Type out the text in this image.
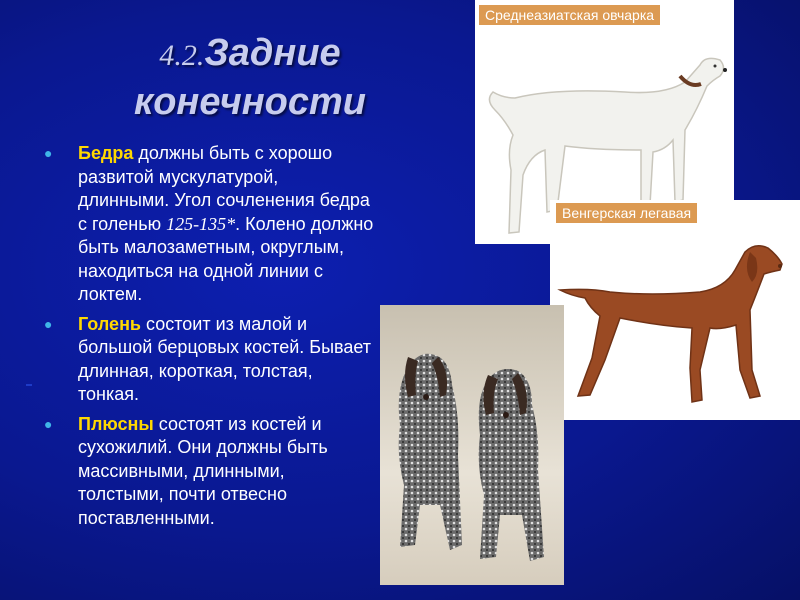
4.2.Задние конечности
● Бедра должны быть с хорошо развитой мускулатурой, длинными. Угол сочленения бедра с голенью 125-135*. Колено должно быть малозаметным, округлым, находиться на одной линии с локтем.
● Голень состоит из малой и большой берцовых костей. Бывает длинная, короткая, толстая, тонкая.
● Плюсны состоят из костей и сухожилий. Они должны быть массивными, длинными, толстыми, почти отвесно поставленными.
Среднеазиатская овчарка
Венгерская легавая
